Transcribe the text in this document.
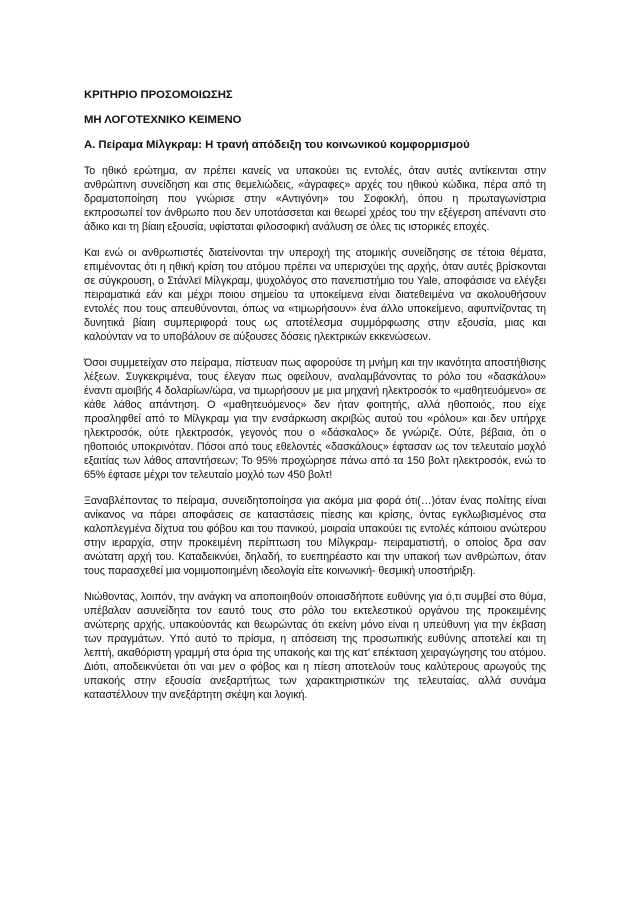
ΚΡΙΤΗΡΙΟ ΠΡΟΣΟΜΟΙΩΣΗΣ

ΜΗ ΛΟΓΟΤΕΧΝΙΚΟ ΚΕΙΜΕΝΟ

Α. Πείραμα Μίλγκραμ: Η τρανή απόδειξη του κοινωνικού κομφορμισμού

Το ηθικό ερώτημα, αν πρέπει κανείς να υπακούει τις εντολές, όταν αυτές αντίκεινται στην ανθρώπινη συνείδηση και στις θεμελιώδεις, «άγραφες» αρχές του ηθικού κώδικα, πέρα από τη δραματοποίηση που γνώρισε στην «Αντιγόνη» του Σοφοκλή, όπου η πρωταγωνίστρια εκπροσωπεί τον άνθρωπο που δεν υποτάσσεται και θεωρεί χρέος του την εξέγερση απέναντι στο άδικο και τη βίαιη εξουσία, υφίσταται φιλοσοφική ανάλυση σε όλες τις ιστορικές εποχές.

Και ενώ οι ανθρωπιστές διατείνονται την υπεροχή της ατομικής συνείδησης σε τέτοια θέματα, επιμένοντας ότι η ηθική κρίση του ατόμου πρέπει να υπερισχύει της αρχής, όταν αυτές βρίσκονται σε σύγκρουση, ο Στάνλεϊ Μίλγκραμ, ψυχολόγος στο πανεπιστήμιο του Yale, αποφάσισε να ελέγξει πειραματικά εάν και μέχρι ποιου σημείου τα υποκείμενα είναι διατεθειμένα να ακολουθήσουν εντολές που τους απευθύνονται, όπως να «τιμωρήσουν» ένα άλλο υποκείμενο, αφυπνίζοντας τη δυνητικά βίαιη συμπεριφορά τους ως αποτέλεσμα συμμόρφωσης στην εξουσία, μιας και καλούνταν να το υποβάλουν σε αύξουσες δόσεις ηλεκτρικών εκκενώσεων.

Όσοι συμμετείχαν στο πείραμα, πίστευαν πως αφορούσε τη μνήμη και την ικανότητα αποστήθισης λέξεων. Συγκεκριμένα, τους έλεγαν πως οφείλουν, αναλαμβάνοντας το ρόλο του «δασκάλου» έναντι αμοιβής 4 δολαρίων/ώρα, να τιμωρήσουν με μια μηχανή ηλεκτροσόκ το «μαθητευόμενο» σε κάθε λάθος απάντηση. Ο «μαθητευόμενος» δεν ήταν φοιτητής, αλλά ηθοποιός, που είχε προσληφθεί από το Μίλγκραμ για την ενσάρκωση ακριβώς αυτού του «ρόλου» και δεν υπήρχε ηλεκτροσόκ, ούτε ηλεκτροσόκ, γεγονός που ο «δάσκαλος» δε γνώριζε. Ούτε, βέβαια, ότι ο ηθοποιός υποκρινόταν. Πόσοι από τους εθελοντές «δασκάλους» έφτασαν ως τον τελευταίο μοχλό εξαιτίας των λάθος απαντήσεων; Το 95% προχώρησε πάνω από τα 150 βολτ ηλεκτροσόκ, ενώ το 65% έφτασε μέχρι τον τελευταίο μοχλό των 450 βολτ!

Ξαναβλέποντας το πείραμα, συνειδητοποίησα για ακόμα μια φορά ότι(…)όταν ένας πολίτης είναι ανίκανος να πάρει αποφάσεις σε καταστάσεις πίεσης και κρίσης, όντας εγκλωβισμένος στα καλοπλεγμένα δίχτυα του φόβου και του πανικού, μοιραία υπακούει τις εντολές κάποιου ανώτερου στην ιεραρχία, στην προκειμένη περίπτωση του Μίλγκραμ- πειραματιστή, ο οποίος δρα σαν ανώτατη αρχή του. Καταδεικνύει, δηλαδή, το ευεπηρέαστο και την υπακοή των ανθρώπων, όταν τους παρασχεθεί μια νομιμοποιημένη ιδεολογία είτε κοινωνική- θεσμική υποστήριξη.

Νιώθοντας, λοιπόν, την ανάγκη να αποποιηθούν οποιασδήποτε ευθύνης για ό,τι συμβεί στο θύμα, υπέβαλαν ασυνείδητα τον εαυτό τους στο ρόλο του εκτελεστικού οργάνου της προκειμένης ανώτερης αρχής, υπακούοντάς και θεωρώντας ότι εκείνη μόνο είναι η υπεύθυνη για την έκβαση των πραγμάτων. Υπό αυτό το πρίσμα, η απόσειση της προσωπικής ευθύνης αποτελεί και τη λεπτή, ακαθόριστη γραμμή στα όρια της υπακοής και της κατ' επέκταση χειραγώγησης του ατόμου. Διότι, αποδεικνύεται ότι ναι μεν ο φόβος και η πίεση αποτελούν τους καλύτερους αρωγούς της υπακοής στην εξουσία ανεξαρτήτως των χαρακτηριστικών της τελευταίας, αλλά συνάμα καταστέλλουν την ανεξάρτητη σκέψη και λογική.
